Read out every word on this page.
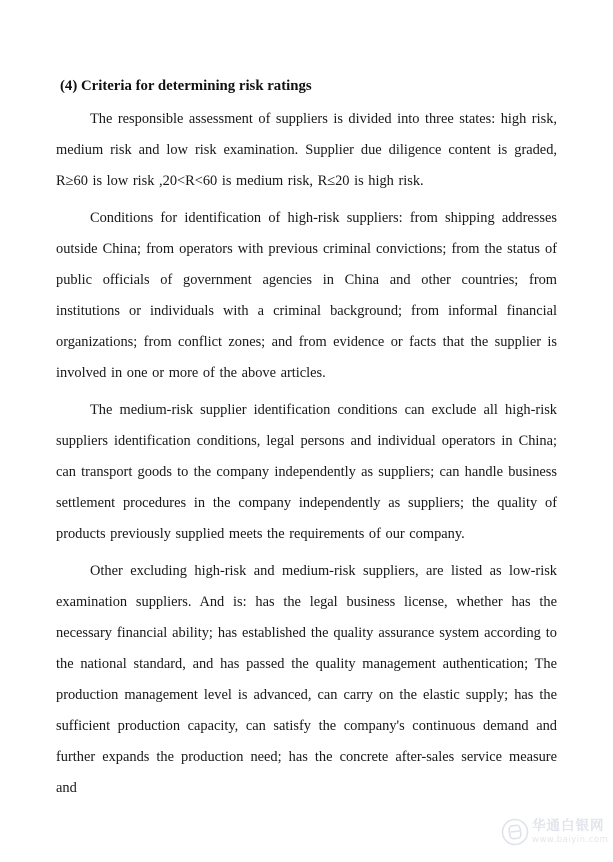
(4) Criteria for determining risk ratings

The responsible assessment of suppliers is divided into three states: high risk, medium risk and low risk examination. Supplier due diligence content is graded, R≥60 is low risk ,20<R<60 is medium risk, R≤20 is high risk.

Conditions for identification of high-risk suppliers: from shipping addresses outside China; from operators with previous criminal convictions; from the status of public officials of government agencies in China and other countries; from institutions or individuals with a criminal background; from informal financial organizations; from conflict zones; and from evidence or facts that the supplier is involved in one or more of the above articles.

The medium-risk supplier identification conditions can exclude all high-risk suppliers identification conditions, legal persons and individual operators in China; can transport goods to the company independently as suppliers; can handle business settlement procedures in the company independently as suppliers; the quality of products previously supplied meets the requirements of our company.

Other excluding high-risk and medium-risk suppliers, are listed as low-risk examination suppliers. And is: has the legal business license, whether has the necessary financial ability; has established the quality assurance system according to the national standard, and has passed the quality management authentication; The production management level is advanced, can carry on the elastic supply; has the sufficient production capacity, can satisfy the company's continuous demand and further expands the production need; has the concrete after-sales service measure and

华通白银网
www.baiyin.com
